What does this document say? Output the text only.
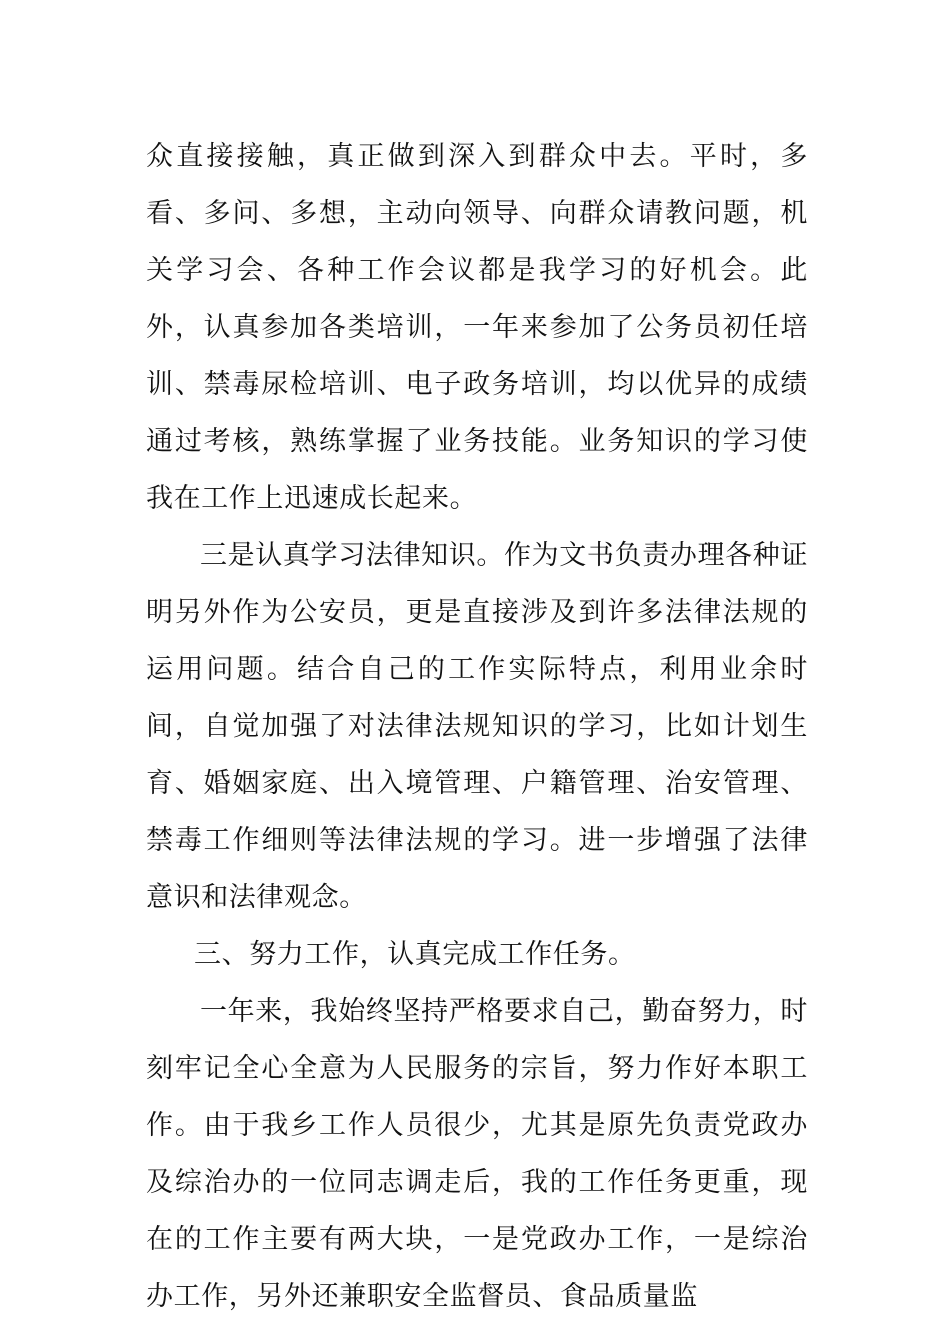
众直接接触，真正做到深入到群众中去。平时，多看、多问、多想，主动向领导、向群众请教问题，机关学习会、各种工作会议都是我学习的好机会。此外，认真参加各类培训，一年来参加了公务员初任培训、禁毒尿检培训、电子政务培训，均以优异的成绩通过考核，熟练掌握了业务技能。业务知识的学习使我在工作上迅速成长起来。

三是认真学习法律知识。作为文书负责办理各种证明另外作为公安员，更是直接涉及到许多法律法规的运用问题。结合自己的工作实际特点，利用业余时间，自觉加强了对法律法规知识的学习，比如计划生育、婚姻家庭、出入境管理、户籍管理、治安管理、禁毒工作细则等法律法规的学习。进一步增强了法律意识和法律观念。

三、努力工作，认真完成工作任务。

一年来，我始终坚持严格要求自己，勤奋努力，时刻牢记全心全意为人民服务的宗旨，努力作好本职工作。由于我乡工作人员很少，尤其是原先负责党政办及综治办的一位同志调走后，我的工作任务更重，现在的工作主要有两大块，一是党政办工作，一是综治办工作，另外还兼职安全监督员、食品质量监
